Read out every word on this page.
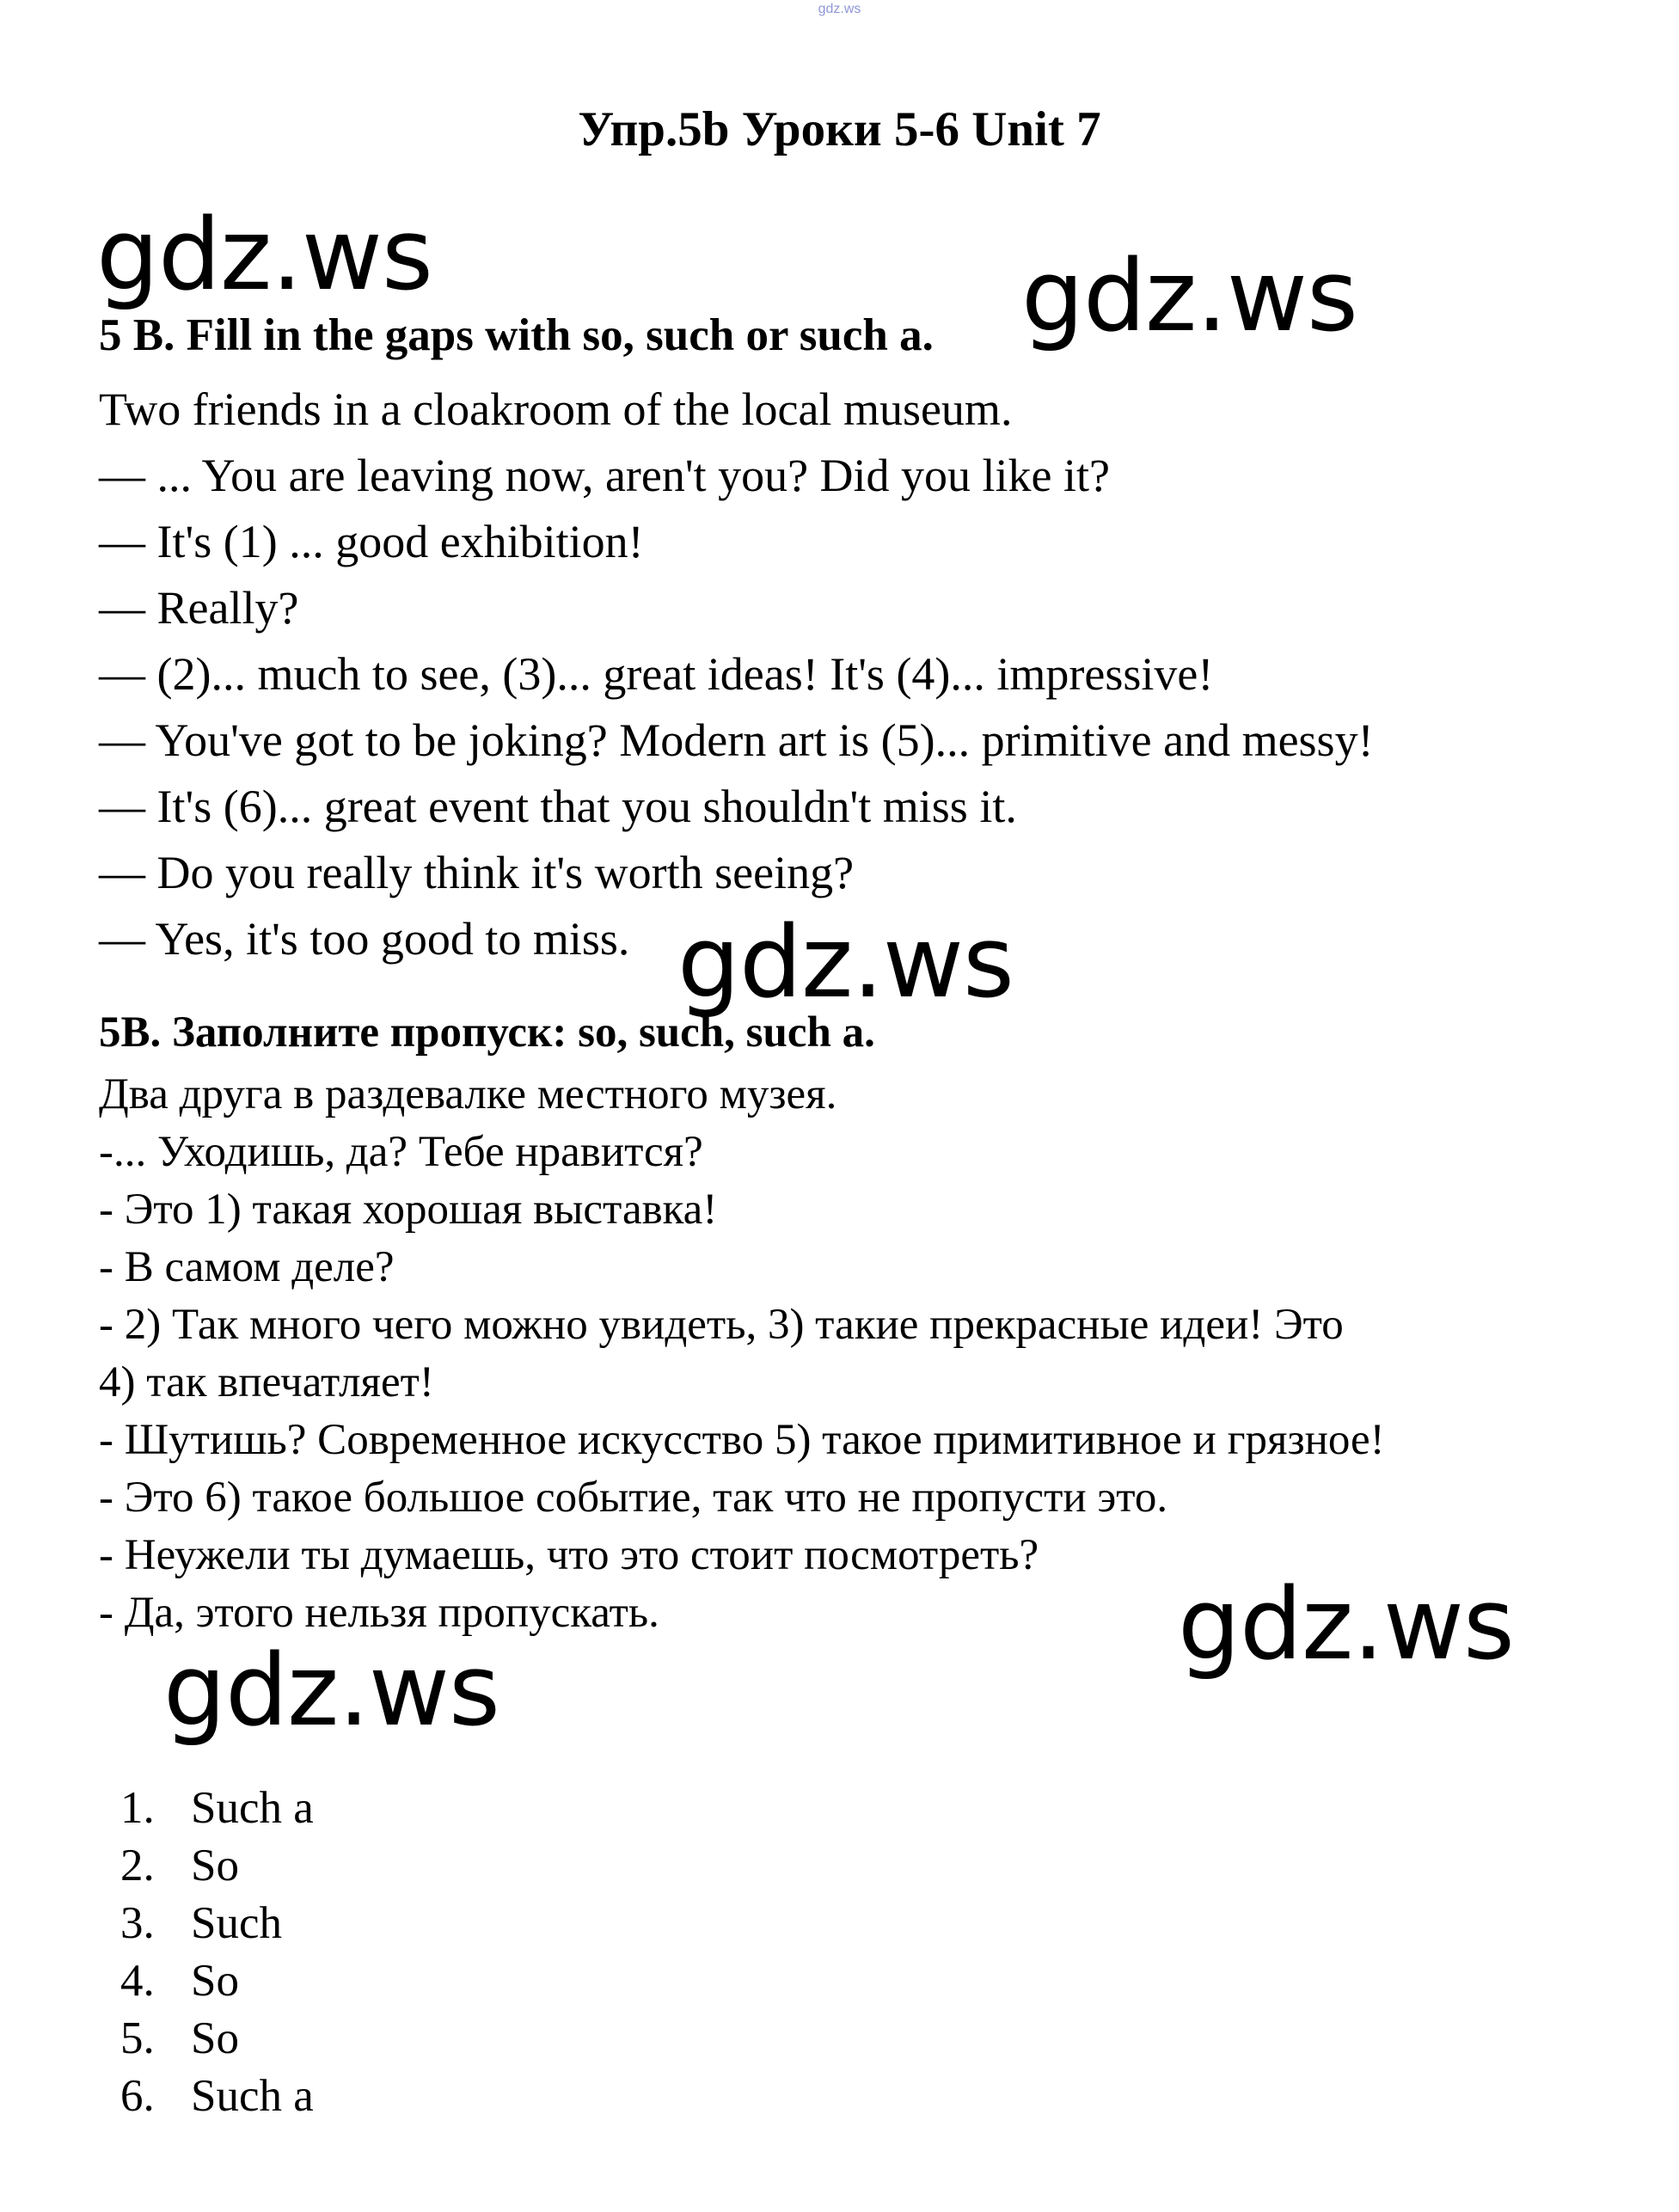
gdz.ws
Упр.5b Уроки 5-6 Unit 7
gdz.ws	gdz.ws
5 B. Fill in the gaps with so, such or such a.
Two friends in a cloakroom of the local museum.
— ... You are leaving now, aren't you? Did you like it?
— It's (1) ... good exhibition!
— Really?
— (2)... much to see, (3)... great ideas! It's (4)... impressive!
— You've got to be joking? Modern art is (5)... primitive and messy!
— It's (6)... great event that you shouldn't miss it.
— Do you really think it's worth seeing?
— Yes, it's too good to miss. gdz.ws
5B. Заполните пропуск: so, such, such a.
Два друга в раздевалке местного музея.
-... Уходишь, да? Тебе нравится?
- Это 1) такая хорошая выставка!
- В самом деле?
- 2) Так много чего можно увидеть, 3) такие прекрасные идеи! Это
4) так впечатляет!
- Шутишь? Современное искусство 5) такое примитивное и грязное!
- Это 6) такое большое событие, так что не пропусти это.
- Неужели ты думаешь, что это стоит посмотреть?
- Да, этого нельзя пропускать.	gdz.ws
gdz.ws
1. Such a
2. So
3. Such
4. So
5. So
6. Such a
